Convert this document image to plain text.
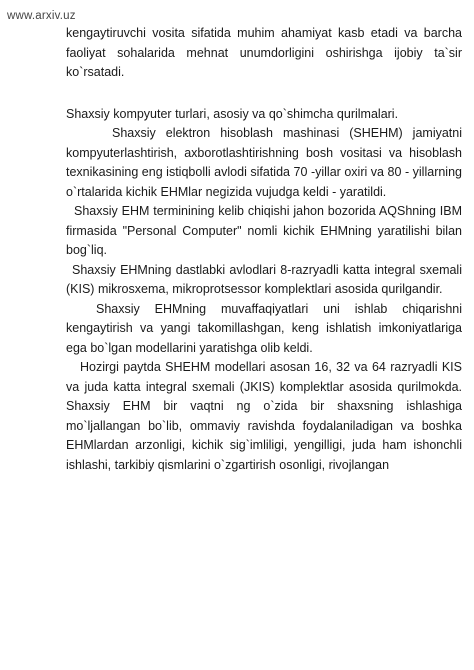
www.arxiv.uz

kengaytiruvchi vosita sifatida muhim ahamiyat kasb etadi va barcha faoliyat sohalarida mehnat unumdorligini oshirishga ijobiy ta`sir ko`rsatadi.

Shaxsiy kompyuter turlari, asosiy va qo`shimcha qurilmalari.

Shaxsiy elektron hisoblash mashinasi (SHEHM) jamiyatni kompyuterlashtirish, axborotlashtirishning bosh vositasi va hisoblash texnikasining eng istiqbolli avlodi sifatida 70 -yillar oxiri va 80 - yillarning o`rtalarida kichik EHMlar negizida vujudga keldi - yaratildi.

Shaxsiy EHM terminining kelib chiqishi jahon bozorida AQShning IBM firmasida "Personal Computer" nomli kichik EHMning yaratilishi bilan bog`liq.

Shaxsiy EHMning dastlabki avlodlari 8-razryadli katta integral sxemali (KIS) mikrosxema, mikroprotsessor komplektlari asosida qurilgandir.

Shaxsiy EHMning muvaffaqiyatlari uni ishlab chiqarishni kengaytirish va yangi takomillashgan, keng ishlatish imkoniyatlariga ega bo`lgan modellarini yaratishga olib keldi.

Hozirgi paytda SHEHM modellari asosan 16, 32 va 64 razryadli KIS va juda katta integral sxemali (JKIS) komplektlar asosida qurilmokda. Shaxsiy EHM bir vaqtni ng o`zida bir shaxsning ishlashiga mo`ljallangan bo`lib, ommaviy ravishda foydalaniladigan va boshka EHMlardan arzonligi, kichik sig`imliligi, yengilligi, juda ham ishonchli ishlashi, tarkibiy qismlarini o`zgartirish osonligi, rivojlangan
